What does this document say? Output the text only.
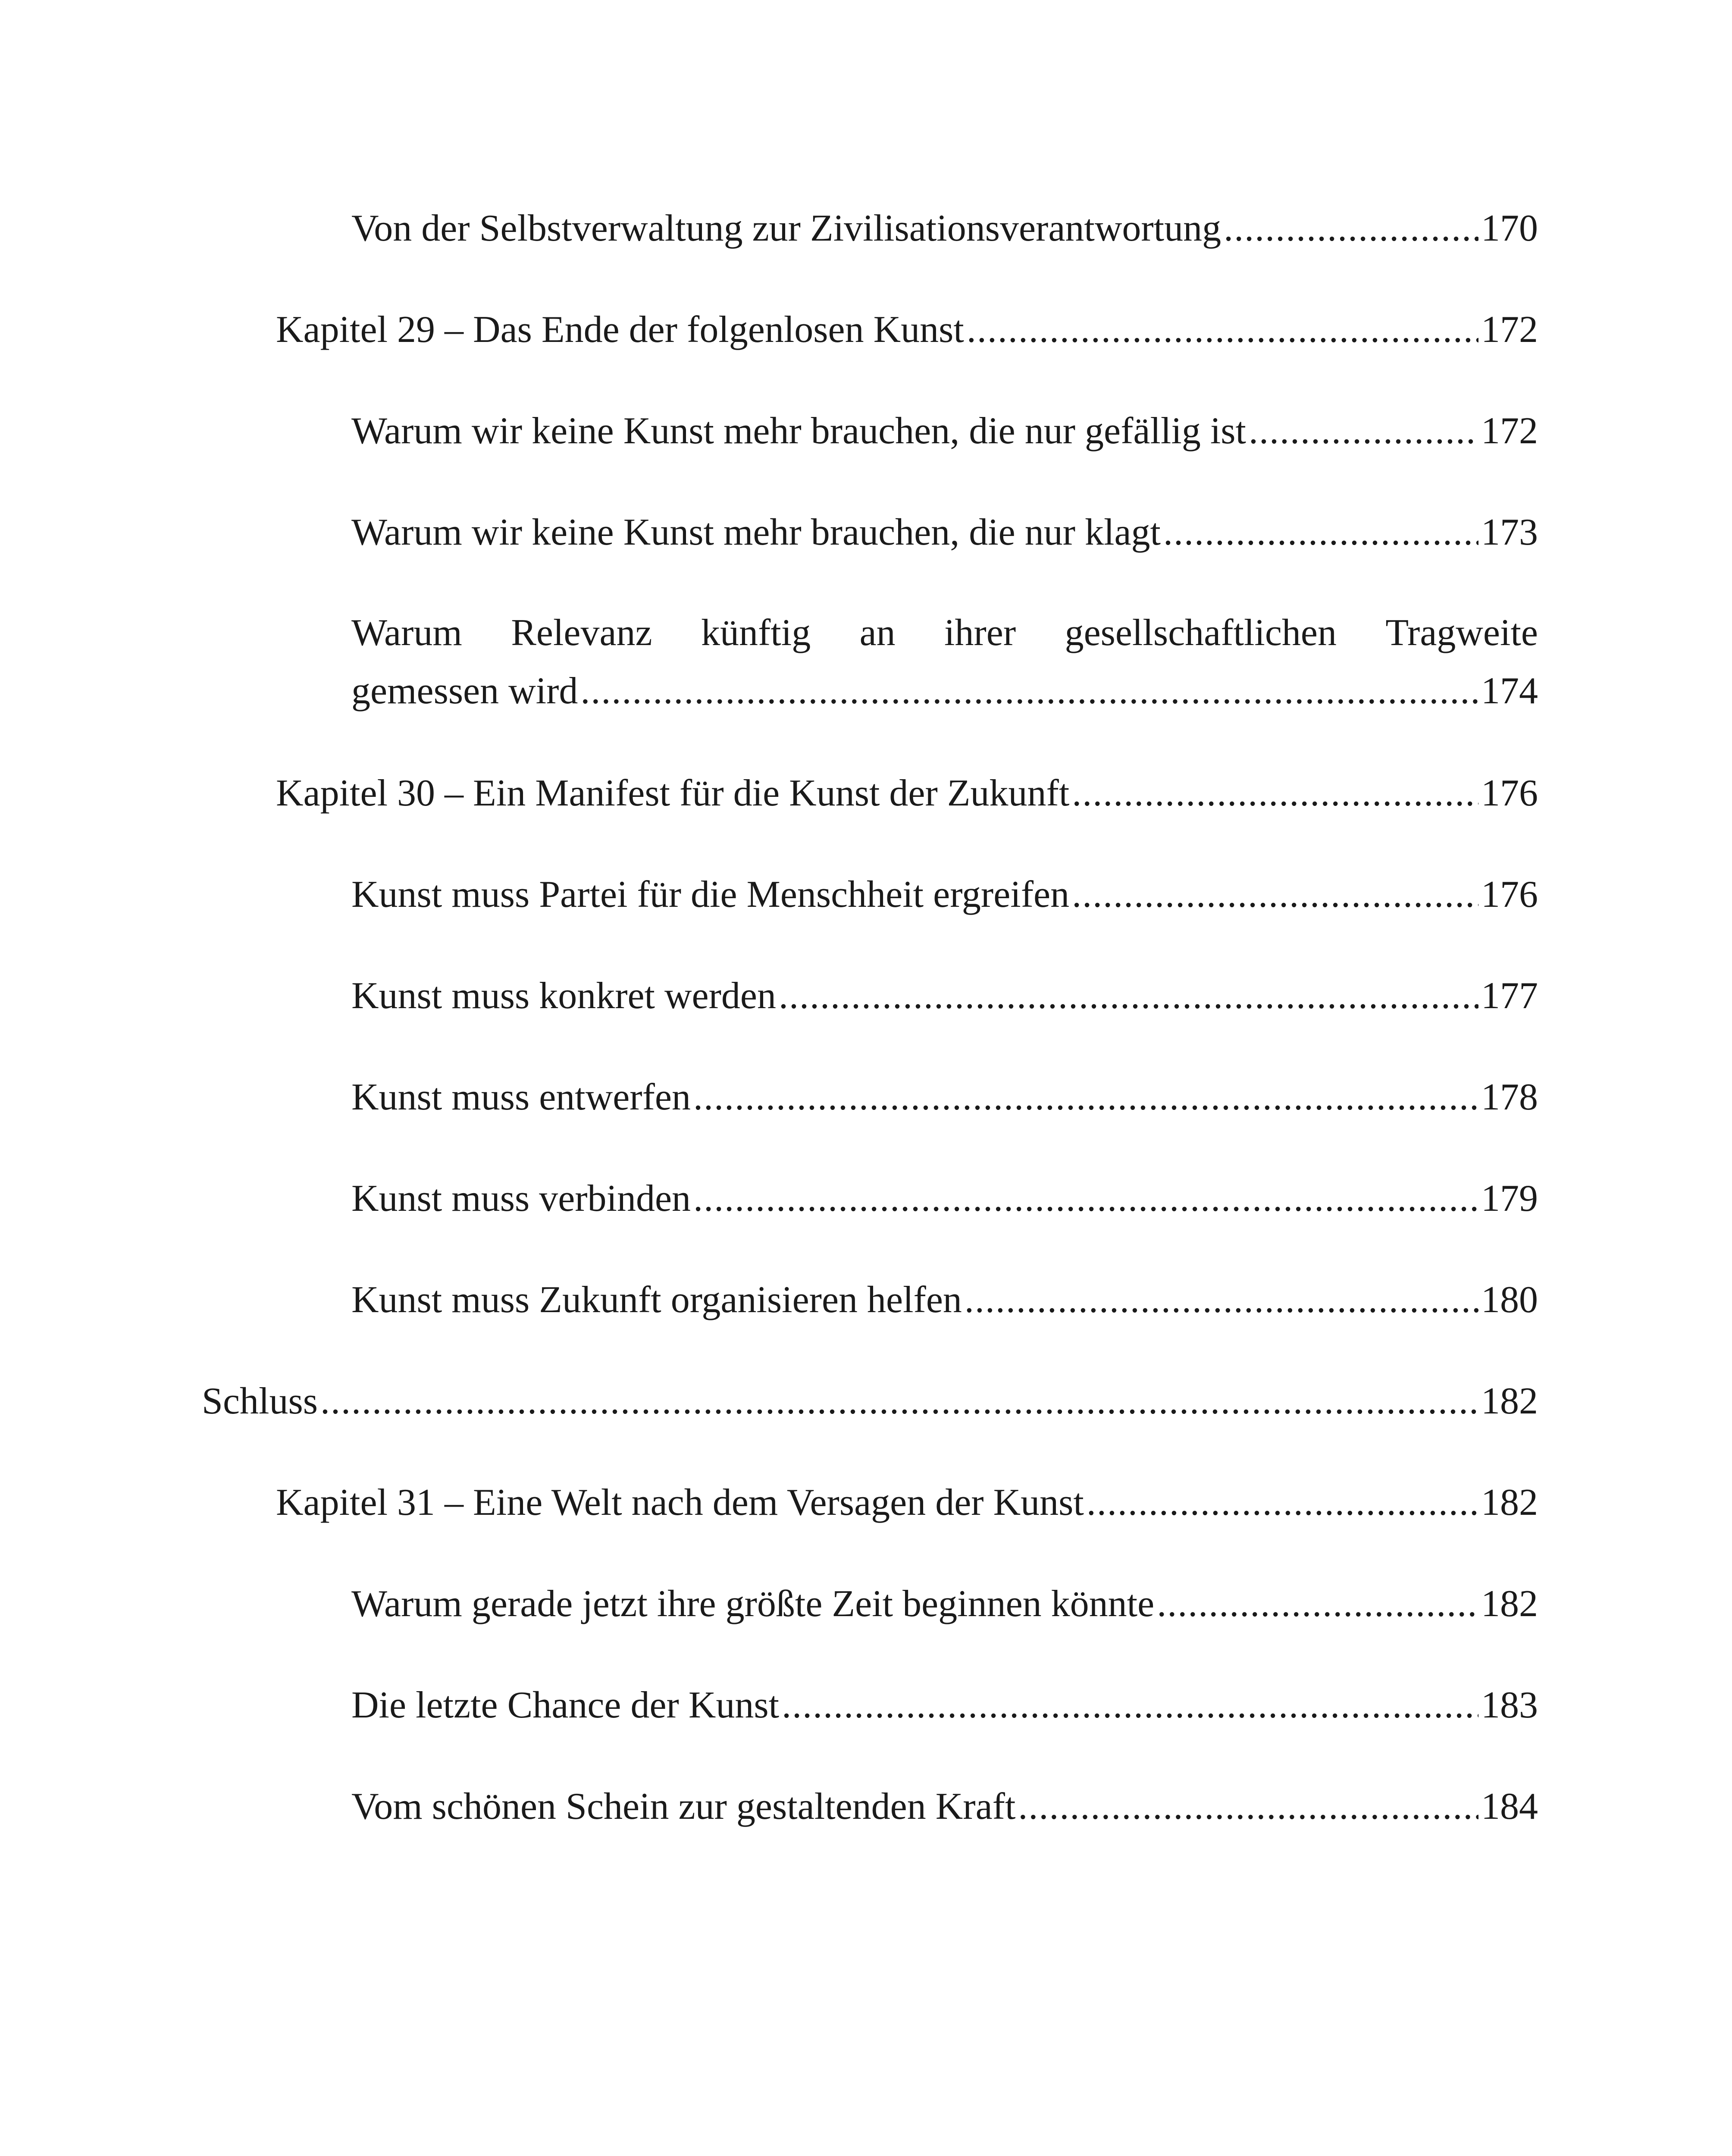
Von der Selbstverwaltung zur Zivilisationsverantwortung .....	170
Kapitel 29 – Das Ende der folgenlosen Kunst .....	172
Warum wir keine Kunst mehr brauchen, die nur gefällig ist .....	172
Warum wir keine Kunst mehr brauchen, die nur klagt .....	173
Warum Relevanz künftig an ihrer gesellschaftlichen Tragweite
gemessen wird .....	174
Kapitel 30 – Ein Manifest für die Kunst der Zukunft .....	176
Kunst muss Partei für die Menschheit ergreifen .....	176
Kunst muss konkret werden .....	177
Kunst muss entwerfen .....	178
Kunst muss verbinden .....	179
Kunst muss Zukunft organisieren helfen .....	180
Schluss .....	182
Kapitel 31 – Eine Welt nach dem Versagen der Kunst .....	182
Warum gerade jetzt ihre größte Zeit beginnen könnte .....	182
Die letzte Chance der Kunst .....	183
Vom schönen Schein zur gestaltenden Kraft .....	184
